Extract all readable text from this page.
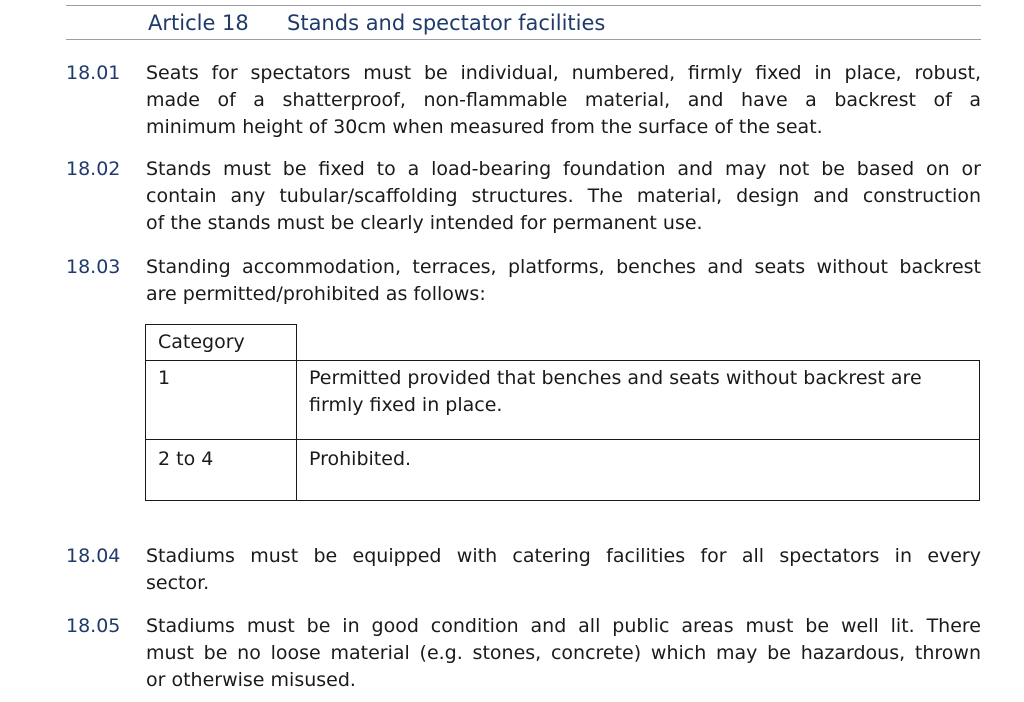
Article 18 Stands and spectator facilities
18.01 Seats for spectators must be individual, numbered, firmly fixed in place, robust,
made of a shatterproof, non-flammable material, and have a backrest of a
minimum height of 30cm when measured from the surface of the seat.
18.02 Stands must be fixed to a load-bearing foundation and may not be based on or
contain any tubular/scaffolding structures. The material, design and construction
of the stands must be clearly intended for permanent use.
18.03 Standing accommodation, terraces, platforms, benches and seats without backrest
are permitted/prohibited as follows:
Category	
1	Permitted provided that benches and seats without backrest are
firmly fixed in place.

2 to 4	Prohibited.
18.04 Stadiums must be equipped with catering facilities for all spectators in every
sector.
18.05 Stadiums must be in good condition and all public areas must be well lit. There
must be no loose material (e.g. stones, concrete) which may be hazardous, thrown
or otherwise misused.
